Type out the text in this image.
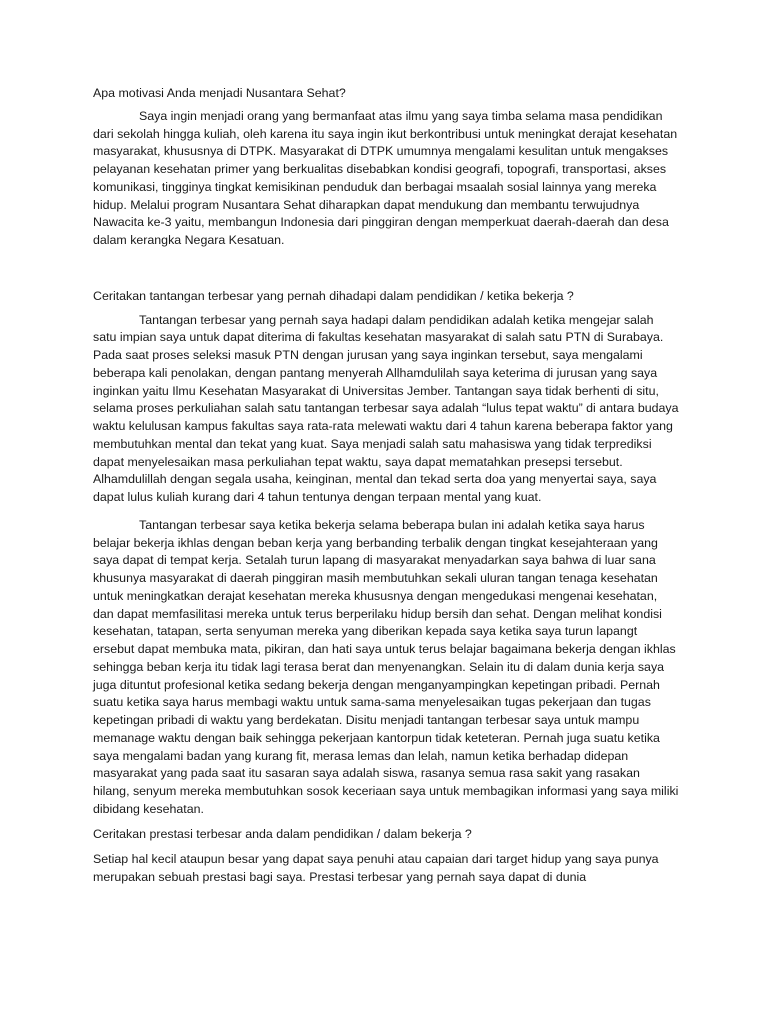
Apa motivasi Anda menjadi Nusantara Sehat?

Saya ingin menjadi orang yang bermanfaat atas ilmu yang saya timba selama masa pendidikan dari sekolah hingga kuliah, oleh karena itu saya ingin ikut berkontribusi untuk meningkat derajat kesehatan masyarakat, khususnya di DTPK. Masyarakat di DTPK umumnya mengalami kesulitan untuk mengakses pelayanan kesehatan primer yang berkualitas disebabkan kondisi geografi, topografi, transportasi, akses komunikasi, tingginya tingkat kemisikinan penduduk dan berbagai msaalah sosial lainnya yang mereka hidup. Melalui program Nusantara Sehat diharapkan dapat mendukung dan membantu terwujudnya Nawacita ke-3 yaitu, membangun Indonesia dari pinggiran dengan memperkuat daerah-daerah dan desa dalam kerangka Negara Kesatuan.

Ceritakan tantangan terbesar yang pernah dihadapi dalam pendidikan / ketika bekerja ?

Tantangan terbesar yang pernah saya hadapi dalam pendidikan adalah ketika mengejar salah satu impian saya untuk dapat diterima di fakultas kesehatan masyarakat di salah satu PTN di Surabaya. Pada saat proses seleksi masuk PTN dengan jurusan yang saya inginkan tersebut, saya mengalami beberapa kali penolakan, dengan pantang menyerah Allhamdulilah saya keterima di jurusan yang saya inginkan yaitu Ilmu Kesehatan Masyarakat di Universitas Jember. Tantangan saya tidak berhenti di situ, selama proses perkuliahan salah satu tantangan terbesar saya adalah “lulus tepat waktu” di antara budaya waktu kelulusan kampus fakultas saya rata-rata melewati waktu dari 4 tahun karena beberapa faktor yang membutuhkan mental dan tekat yang kuat. Saya menjadi salah satu mahasiswa yang tidak terprediksi dapat menyelesaikan masa perkuliahan tepat waktu, saya dapat mematahkan presepsi tersebut. Alhamdulillah dengan segala usaha, keinginan, mental dan tekad serta doa yang menyertai saya, saya dapat lulus kuliah kurang dari 4 tahun tentunya dengan terpaan mental yang kuat.

Tantangan terbesar saya ketika bekerja selama beberapa bulan ini adalah ketika saya harus belajar bekerja ikhlas dengan beban kerja yang berbanding terbalik dengan tingkat kesejahteraan yang saya dapat di tempat kerja. Setalah turun lapang di masyarakat menyadarkan saya bahwa di luar sana khusunya masyarakat di daerah pinggiran masih membutuhkan sekali uluran tangan tenaga kesehatan untuk meningkatkan derajat kesehatan mereka khususnya dengan mengedukasi mengenai kesehatan, dan dapat memfasilitasi mereka untuk terus berperilaku hidup bersih dan sehat. Dengan melihat kondisi kesehatan, tatapan, serta senyuman mereka yang diberikan kepada saya ketika saya turun lapangt ersebut dapat membuka mata, pikiran, dan hati saya untuk terus belajar bagaimana bekerja dengan ikhlas sehingga beban kerja itu tidak lagi terasa berat dan menyenangkan. Selain itu di dalam dunia kerja saya juga dituntut profesional ketika sedang bekerja dengan menganyampingkan kepetingan pribadi. Pernah suatu ketika saya harus membagi waktu untuk sama-sama menyelesaikan tugas pekerjaan dan tugas kepetingan pribadi di waktu yang berdekatan. Disitu menjadi tantangan terbesar saya untuk mampu memanage waktu dengan baik sehingga pekerjaan kantorpun tidak keteteran. Pernah juga suatu ketika saya mengalami badan yang kurang fit, merasa lemas dan lelah, namun ketika berhadap didepan masyarakat yang pada saat itu sasaran saya adalah siswa, rasanya semua rasa sakit yang rasakan hilang, senyum mereka membutuhkan sosok keceriaan saya untuk membagikan informasi yang saya miliki dibidang kesehatan.

Ceritakan prestasi terbesar anda dalam pendidikan / dalam bekerja ?

Setiap hal kecil ataupun besar yang dapat saya penuhi atau capaian dari target hidup yang saya punya merupakan sebuah prestasi bagi saya. Prestasi terbesar yang pernah saya dapat di dunia
